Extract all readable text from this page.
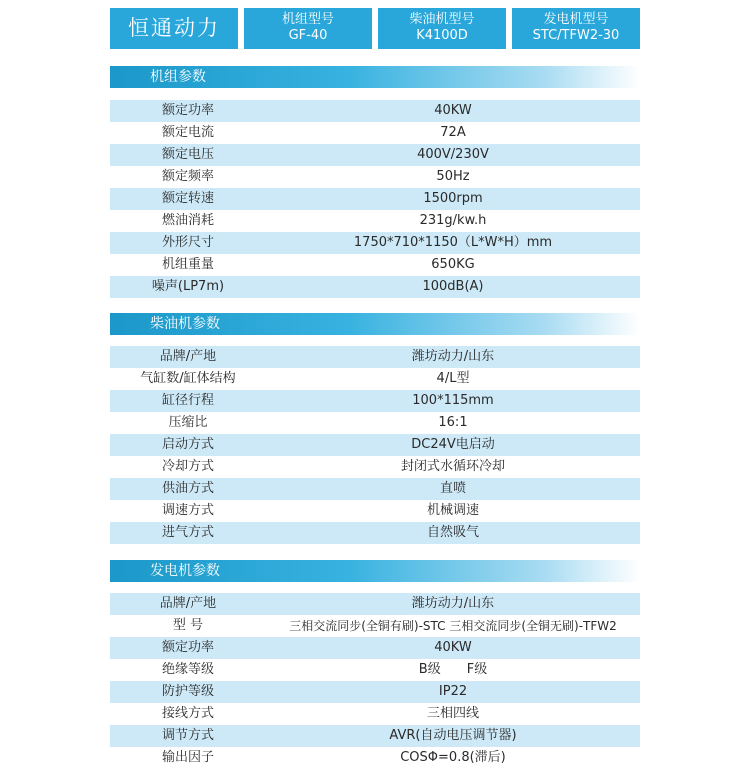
恒通动力	机组型号
GF-40
柴油机型号
K4100D
发电机型号
STC/TFW2-30
机组参数
额定功率	40KW
额定电流	72A
额定电压	400V/230V
额定频率	50Hz
额定转速	1500rpm
燃油消耗	231g/kw.h
外形尺寸	1750*710*1150（L*W*H）mm
机组重量	650KG
噪声(LP7m)	100dB(A)
柴油机参数
品牌/产地	潍坊动力/山东
气缸数/缸体结构	4/L型
缸径行程	100*115mm
压缩比	16:1
启动方式	DC24V电启动
冷却方式	封闭式水循环冷却
供油方式	直喷
调速方式	机械调速
进气方式	自然吸气
发电机参数
品牌/产地	潍坊动力/山东
型 号	三相交流同步(全铜有刷)-STC 三相交流同步(全铜无刷)-TFW2
额定功率	40KW
绝缘等级	B级　　F级
防护等级	IP22
接线方式	三相四线
调节方式	AVR(自动电压调节器)
输出因子	COSΦ=0.8(滞后)
